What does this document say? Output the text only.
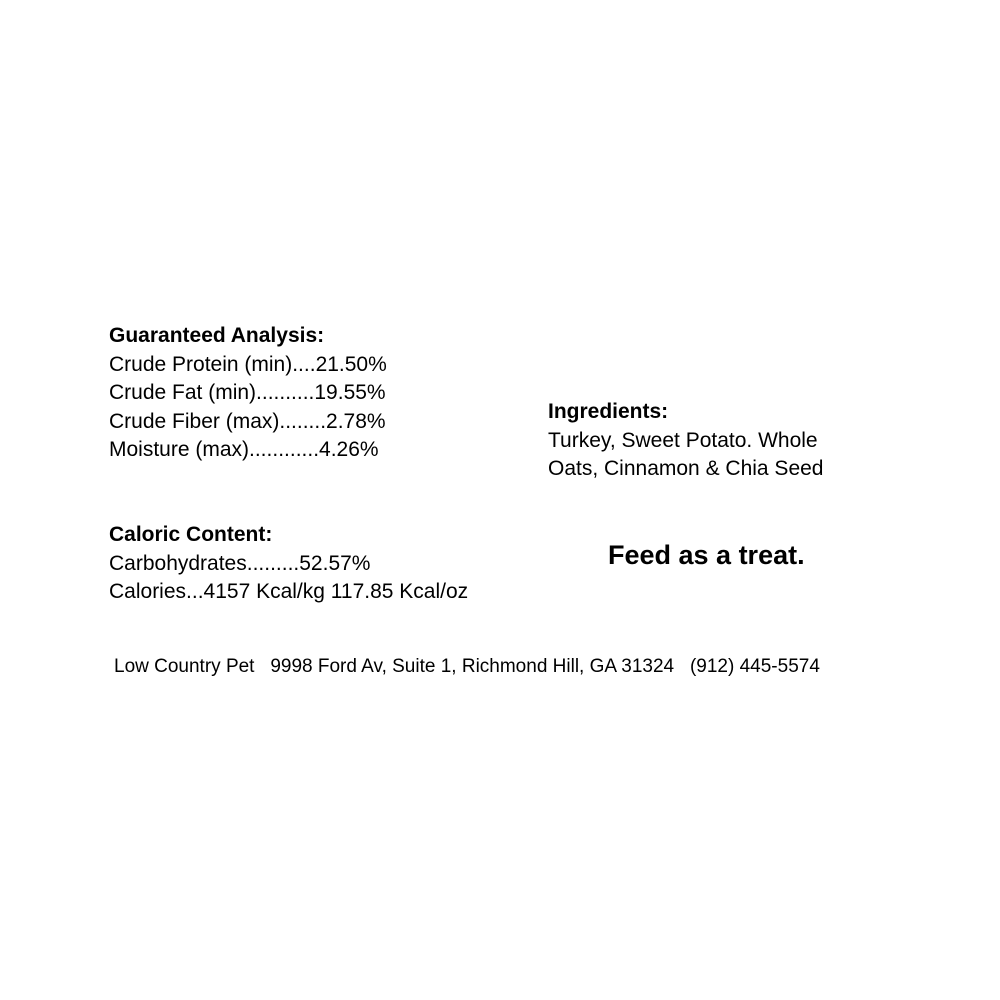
Guaranteed Analysis:
Crude Protein (min)....21.50%
Crude Fat (min)..........19.55%
Crude Fiber (max)........2.78%
Moisture (max)............4.26%
Ingredients:
Turkey, Sweet Potato. Whole
Oats, Cinnamon & Chia Seed
Caloric Content:
Carbohydrates.........52.57%
Calories...4157 Kcal/kg 117.85 Kcal/oz
Feed as a treat.
Low Country Pet 9998 Ford Av, Suite 1, Richmond Hill, GA 31324 (912) 445-5574
